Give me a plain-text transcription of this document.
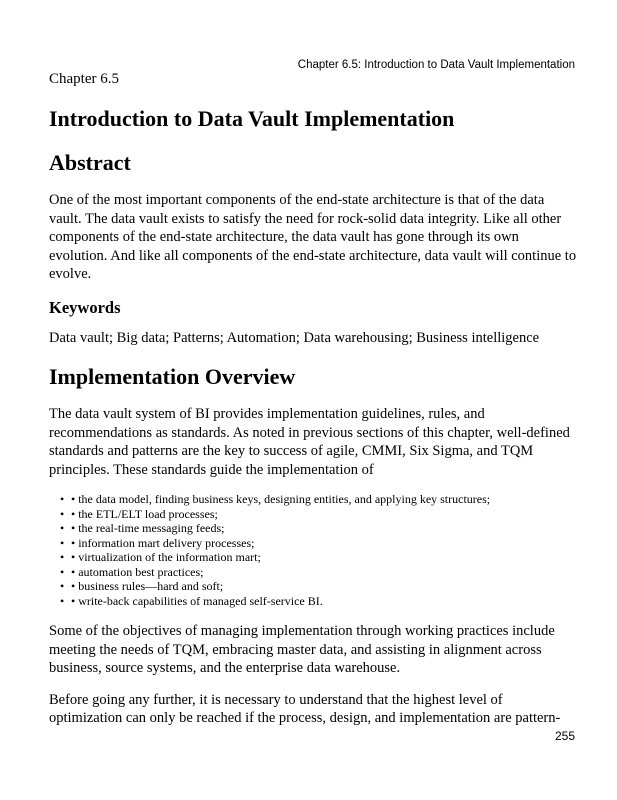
Chapter 6.5: Introduction to Data Vault Implementation

Chapter 6.5

Introduction to Data Vault Implementation
Abstract

One of the most important components of the end-state architecture is that of the data vault. The data vault exists to satisfy the need for rock-solid data integrity. Like all other components of the end-state architecture, the data vault has gone through its own evolution. And like all components of the end-state architecture, data vault will continue to evolve.

Keywords

Data vault; Big data; Patterns; Automation; Data warehousing; Business intelligence

Implementation Overview

The data vault system of BI provides implementation guidelines, rules, and recommendations as standards. As noted in previous sections of this chapter, well-defined standards and patterns are the key to success of agile, CMMI, Six Sigma, and TQM principles. These standards guide the implementation of

• • the data model, finding business keys, designing entities, and applying key structures;
• • the ETL/ELT load processes;
• • the real-time messaging feeds;
• • information mart delivery processes;
• • virtualization of the information mart;
• • automation best practices;
• • business rules—hard and soft;
• • write-back capabilities of managed self-service BI.

Some of the objectives of managing implementation through working practices include meeting the needs of TQM, embracing master data, and assisting in alignment across business, source systems, and the enterprise data warehouse.

Before going any further, it is necessary to understand that the highest level of optimization can only be reached if the process, design, and implementation are pattern-

255
